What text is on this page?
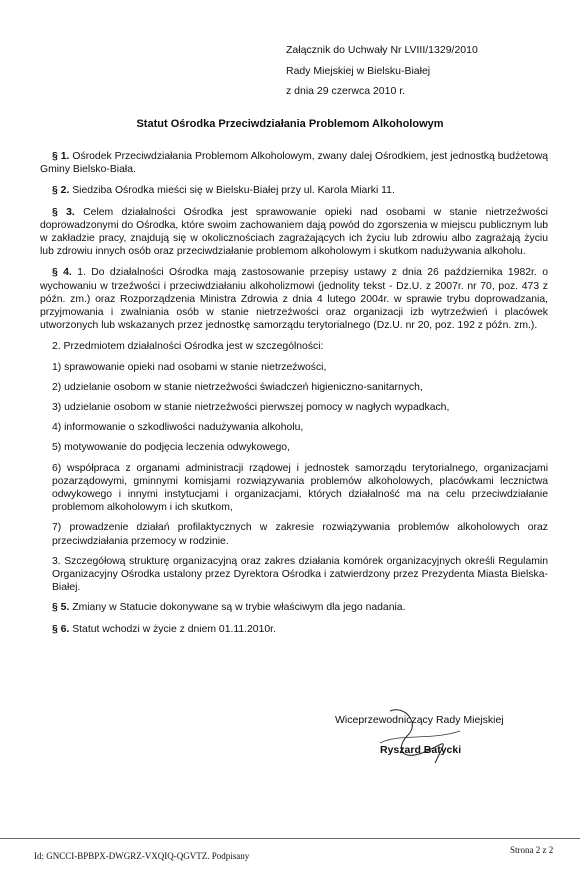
Załącznik do Uchwały Nr LVIII/1329/2010
Rady Miejskiej w Bielsku-Białej
z dnia 29 czerwca 2010 r.
Statut Ośrodka Przeciwdziałania Problemom Alkoholowym

§ 1. Ośrodek Przeciwdziałania Problemom Alkoholowym, zwany dalej Ośrodkiem, jest jednostką budżetową Gminy Bielsko-Biała.

§ 2. Siedziba Ośrodka mieści się w Bielsku-Białej przy ul. Karola Miarki 11.

§ 3. Celem działalności Ośrodka jest sprawowanie opieki nad osobami w stanie nietrzeźwości doprowadzonymi do Ośrodka, które swoim zachowaniem dają powód do zgorszenia w miejscu publicznym lub w zakładzie pracy, znajdują się w okolicznościach zagrażających ich życiu lub zdrowiu albo zagrażają życiu lub zdrowiu innych osób oraz przeciwdziałanie problemom alkoholowym i skutkom nadużywania alkoholu.

§ 4. 1. Do działalności Ośrodka mają zastosowanie przepisy ustawy z dnia 26 października 1982r. o wychowaniu w trzeźwości i przeciwdziałaniu alkoholizmowi (jednolity tekst - Dz.U. z 2007r. nr 70, poz. 473 z późn. zm.) oraz Rozporządzenia Ministra Zdrowia z dnia 4 lutego 2004r. w sprawie trybu doprowadzania, przyjmowania i zwalniania osób w stanie nietrzeźwości oraz organizacji izb wytrzeźwień i placówek utworzonych lub wskazanych przez jednostkę samorządu terytorialnego (Dz.U. nr 20, poz. 192 z późn. zm.).

2. Przedmiotem działalności Ośrodka jest w szczególności:

1) sprawowanie opieki nad osobami w stanie nietrzeźwości,

2) udzielanie osobom w stanie nietrzeźwości świadczeń higieniczno-sanitarnych,

3) udzielanie osobom w stanie nietrzeźwości pierwszej pomocy w nagłych wypadkach,

4) informowanie o szkodliwości nadużywania alkoholu,

5) motywowanie do podjęcia leczenia odwykowego,

6) współpraca z organami administracji rządowej i jednostek samorządu terytorialnego, organizacjami pozarządowymi, gminnymi komisjami rozwiązywania problemów alkoholowych, placówkami lecznictwa odwykowego i innymi instytucjami i organizacjami, których działalność ma na celu przeciwdziałanie problemom alkoholowym i ich skutkom,

7) prowadzenie działań profilaktycznych w zakresie rozwiązywania problemów alkoholowych oraz przeciwdziałania przemocy w rodzinie.

3. Szczegółową strukturę organizacyjną oraz zakres działania komórek organizacyjnych określi Regulamin Organizacyjny Ośrodka ustalony przez Dyrektora Ośrodka i zatwierdzony przez Prezydenta Miasta Bielska-Białej.

§ 5. Zmiany w Statucie dokonywane są w trybie właściwym dla jego nadania.

§ 6. Statut wchodzi w życie z dniem 01.11.2010r.

Wiceprzewodniczący Rady Miejskiej
Ryszard Batycki
Id: GNCCI-BPBPX-DWGRZ-VXQIQ-QGVTZ. Podpisany
Strona 2 z 2
